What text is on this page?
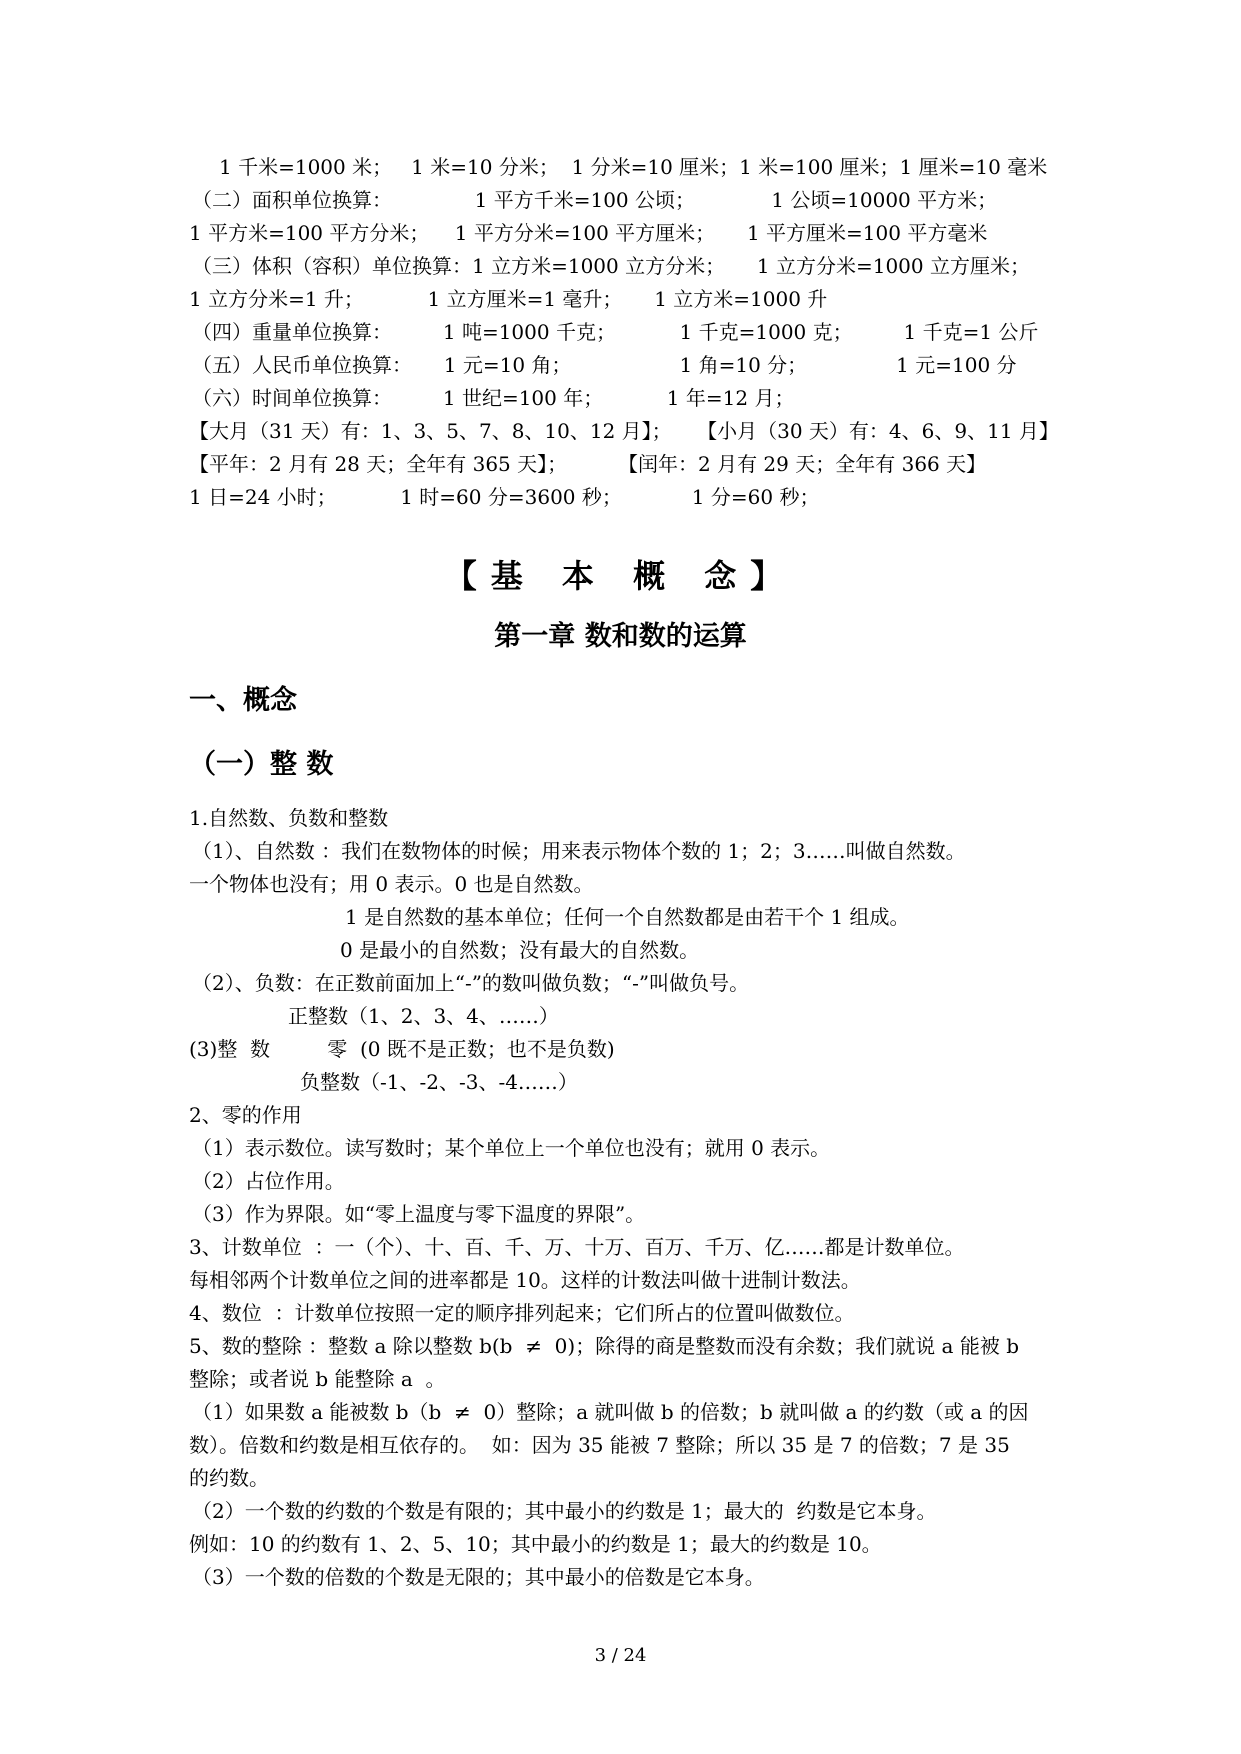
1 千米=1000 米；   1 米=10 分米；  1 分米=10 厘米；1 米=100 厘米；1 厘米=10 毫米
（二）面积单位换算：             1 平方千米=100 公顷；            1 公顷=10000 平方米；
1 平方米=100 平方分米；    1 平方分米=100 平方厘米；     1 平方厘米=100 平方毫米
（三）体积（容积）单位换算：1 立方米=1000 立方分米；     1 立方分米=1000 立方厘米；
1 立方分米=1 升；          1 立方厘米=1 毫升；     1 立方米=1000 升
（四）重量单位换算：        1 吨=1000 千克；          1 千克=1000 克；        1 千克=1 公斤
（五）人民币单位换算：     1 元=10 角；                 1 角=10 分；              1 元=100 分
（六）时间单位换算：        1 世纪=100 年；          1 年=12 月；
【大月（31 天）有：1、3、5、7、8、10、12 月】；    【小月（30 天）有：4、6、9、11 月】
【平年：2 月有 28 天；全年有 365 天】；        【闰年：2 月有 29 天；全年有 366 天】
1 日=24 小时；          1 时=60 分=3600 秒；           1 分=60 秒；
【基 本 概 念】
第一章 数和数的运算
一、概念
（一）整 数
1.自然数、负数和整数
（1）、自然数 ：我们在数物体的时候；用来表示物体个数的 1；2；3……叫做自然数。
一个物体也没有；用 0 表示。0 也是自然数。
1 是自然数的基本单位；任何一个自然数都是由若干个 1 组成。
0 是最小的自然数；没有最大的自然数。
（2）、负数：在正数前面加上“-”的数叫做负数；“-”叫做负号。
正整数（1、2、3、4、……）
(3)整  数         零  (0 既不是正数；也不是负数)
负整数（-1、-2、-3、-4……）
2、零的作用
（1）表示数位。读写数时；某个单位上一个单位也没有；就用 0 表示。
（2）占位作用。
（3）作为界限。如“零上温度与零下温度的界限”。
3、计数单位  ：一（个）、十、百、千、万、十万、百万、千万、亿……都是计数单位。
每相邻两个计数单位之间的进率都是 10。这样的计数法叫做十进制计数法。
4、数位  ：计数单位按照一定的顺序排列起来；它们所占的位置叫做数位。
5、数的整除 ：整数 a 除以整数 b(b  ≠  0)；除得的商是整数而没有余数；我们就说 a 能被 b
整除；或者说 b 能整除 a  。
（1）如果数 a 能被数 b（b  ≠  0）整除；a 就叫做 b 的倍数；b 就叫做 a 的约数（或 a 的因
数）。倍数和约数是相互依存的。  如：因为 35 能被 7 整除；所以 35 是 7 的倍数；7 是 35
的约数。
（2）一个数的约数的个数是有限的；其中最小的约数是 1；最大的  约数是它本身。
例如：10 的约数有 1、2、5、10；其中最小的约数是 1；最大的约数是 10。
（3）一个数的倍数的个数是无限的；其中最小的倍数是它本身。
3 / 24
